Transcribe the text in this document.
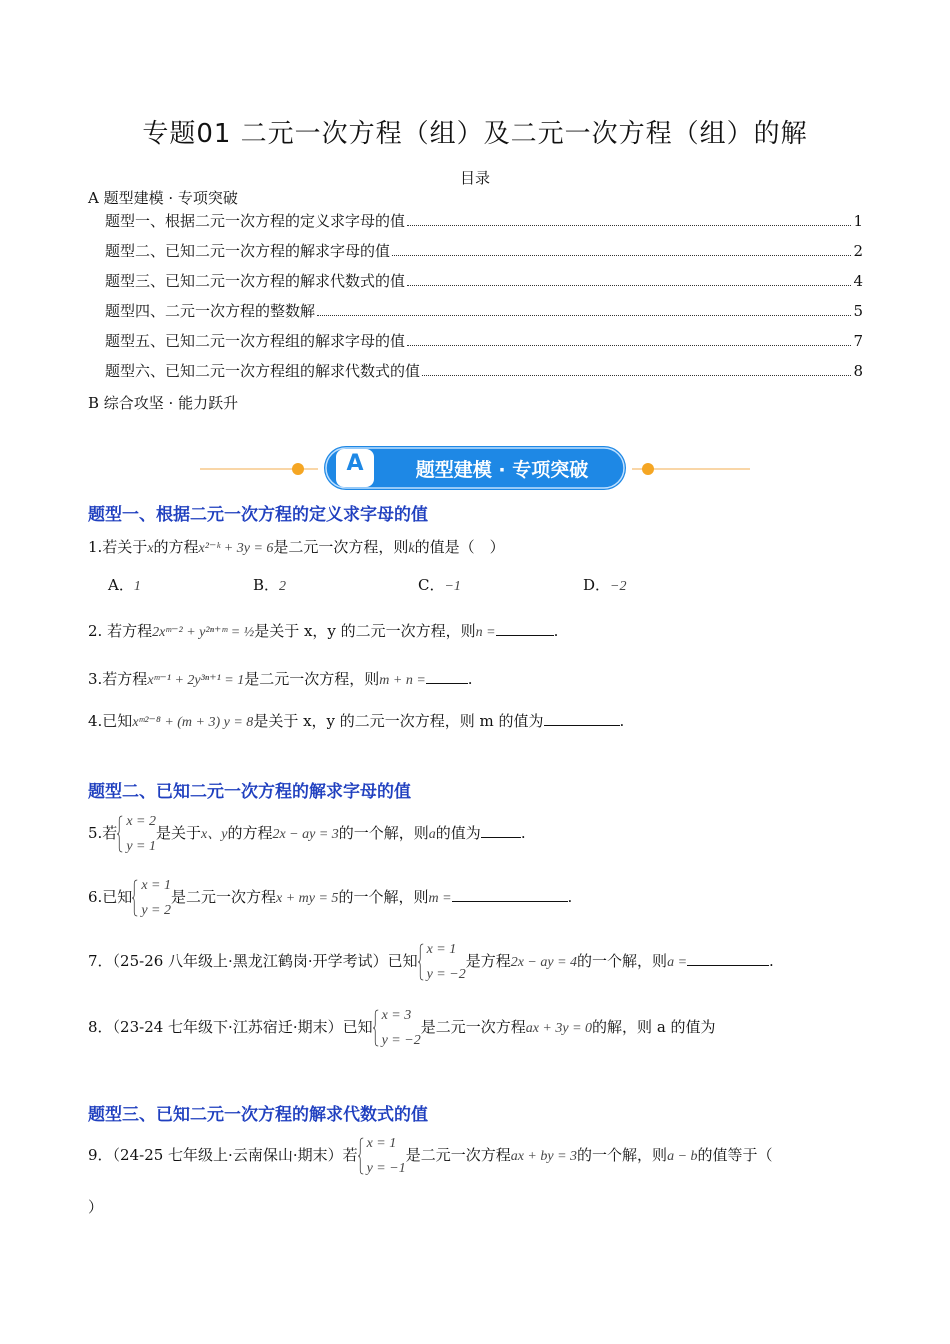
专题01 二元一次方程（组）及二元一次方程（组）的解
目录
A 题型建模 · 专项突破
题型一、根据二元一次方程的定义求字母的值	1
题型二、已知二元一次方程的解求字母的值	2
题型三、已知二元一次方程的解求代数式的值	4
题型四、二元一次方程的整数解	5
题型五、已知二元一次方程组的解求字母的值	7
题型六、已知二元一次方程组的解求代数式的值	8
B 综合攻坚 · 能力跃升
A	题型建模 · 专项突破
题型一、根据二元一次方程的定义求字母的值
1.若关于x的方程x²⁻ᵏ + 3y = 6是二元一次方程，则k的值是（　）
A．1	B．2	C．−1	D．−2
2. 若方程2xᵐ⁻² + y²ⁿ⁺ᵐ = ½是关于 x，y 的二元一次方程，则n =	.
3.若方程xᵐ⁻¹ + 2y³ⁿ⁺¹ = 1是二元一次方程，则m + n =	.
4.已知xᵐ²⁻⁸ + (m + 3) y = 8是关于 x，y 的二元一次方程，则 m 的值为	.
题型二、已知二元一次方程的解求字母的值
5.若
x = 2
y = 1是关于x、y的方程2x − ay = 3的一个解，则a的值为	.
6.已知
x = 1
y = 2是二元一次方程x + my = 5的一个解，则m =	.
7．（25-26 八年级上·黑龙江鹤岗·开学考试）已知
x = 1
y = −2是方程2x − ay = 4的一个解，则a =	.
8．（23-24 七年级下·江苏宿迁·期末）已知
x = 3
y = −2是二元一次方程ax + 3y = 0的解，则 a 的值为
题型三、已知二元一次方程的解求代数式的值
9．（24-25 七年级上·云南保山·期末）若
x = 1
y = −1是二元一次方程ax + by = 3的一个解，则a − b的值等于（
）
